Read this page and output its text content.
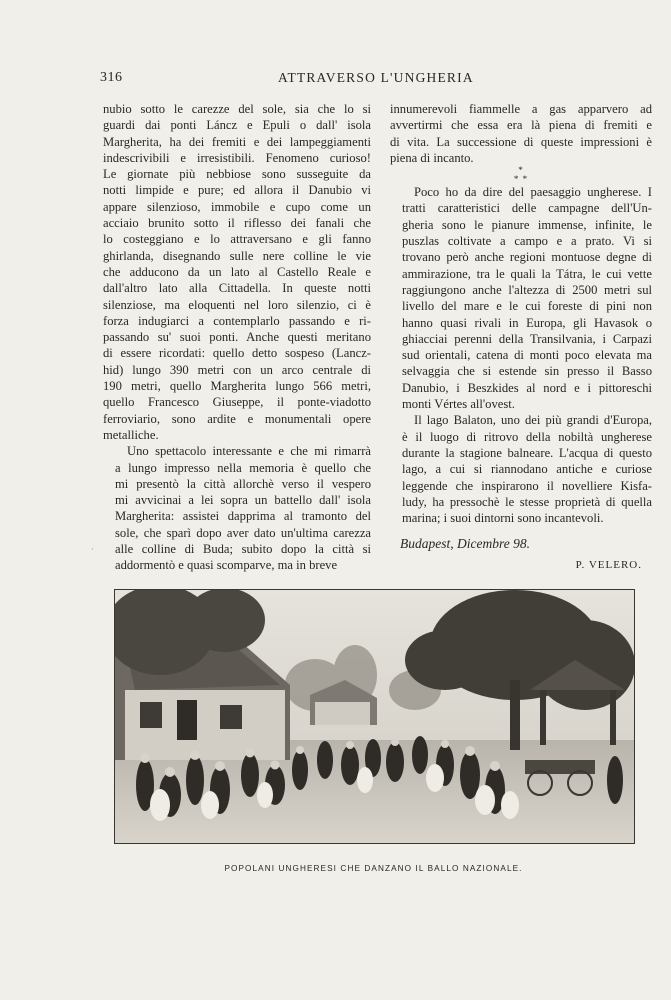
316	ATTRAVERSO L'UNGHERIA

nubio sotto le carezze del sole, sia che lo si
guardi dai ponti Láncz e Epuli o dall' isola
Margherita, ha dei fremiti e dei lampeggiamenti
indescrivibili e irresistibili. Fenomeno curioso!
Le giornate più nebbiose sono susseguite da
notti limpide e pure; ed allora il Danubio vi
appare silenzioso, immobile e cupo come un
acciaio brunito sotto il riflesso dei fanali che
lo costeggiano e lo attraversano e gli fanno
ghirlanda, disegnando sulle nere colline le vie
che adducono da un lato al Castello Reale e
dall'altro lato alla Cittadella. In queste notti
silenziose, ma eloquenti nel loro silenzio, ci è
forza indugiarci a contemplarlo passando e ri-
passando su' suoi ponti. Anche questi meritano
di essere ricordati: quello detto sospeso (Lancz-
hid) lungo 390 metri con un arco centrale di
190 metri, quello Margherita lungo 566 metri,
quello Francesco Giuseppe, il ponte-viadotto
ferroviario, sono ardite e monumentali opere
metalliche.

Uno spettacolo interessante e che mi rimarrà
a lungo impresso nella memoria è quello che
mi presentò la città allorchè verso il vespero
mi avvicinai a lei sopra un battello dall' isola
Margherita: assistei dapprima al tramonto del
sole, che sparì dopo aver dato un'ultima carezza
alle colline di Buda; subito dopo la città si
addormentò e quasi scomparve, ma in breve

innumerevoli fiammelle a gas apparvero ad
avvertirmi che essa era là piena di fremiti e
di vita. La successione di queste impressioni è
piena di incanto.

*
* *

Poco ho da dire del paesaggio ungherese. I
tratti caratteristici delle campagne dell'Un-
gheria sono le pianure immense, infinite, le
puszlas coltivate a campo e a prato. Vi si
trovano però anche regioni montuose degne di
ammirazione, tra le quali la Tátra, le cui vette
raggiungono anche l'altezza di 2500 metri sul
livello del mare e le cui foreste di pini non
hanno quasi rivali in Europa, gli Havasok o
ghiacciai perenni della Transilvania, i Carpazi
sud orientali, catena di monti poco elevata ma
selvaggia che si estende sin presso il Basso
Danubio, i Beszkides al nord e i pittoreschi
monti Vértes all'ovest.

Il lago Balaton, uno dei più grandi d'Europa,
è il luogo di ritrovo della nobiltà ungherese
durante la stagione balneare. L'acqua di questo
lago, a cui si riannodano antiche e curiose
leggende che inspirarono il novelliere Kisfa-
ludy, ha pressochè le stesse proprietà di quella
marina; i suoi dintorni sono incantevoli.

Budapest, Dicembre 98.
P. VELERO.
·
POPOLANI UNGHERESI CHE DANZANO IL BALLO NAZIONALE.
